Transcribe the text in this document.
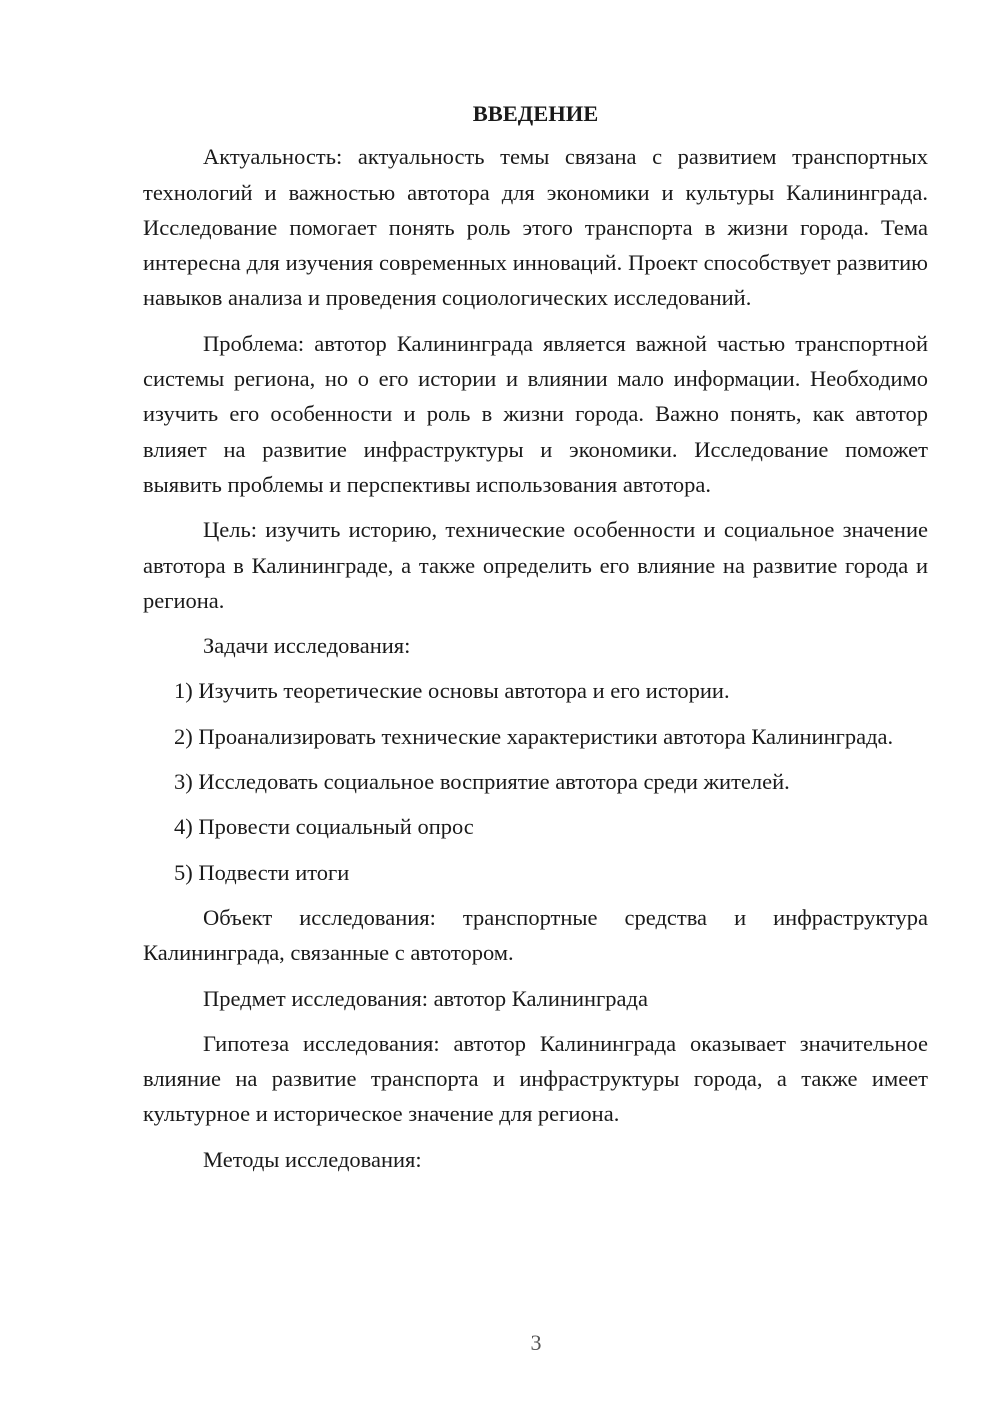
ВВЕДЕНИЕ

Актуальность: актуальность темы связана с развитием транспортных технологий и важностью автотора для экономики и культуры Калининграда. Исследование помогает понять роль этого транспорта в жизни города. Тема интересна для изучения современных инноваций. Проект способствует развитию навыков анализа и проведения социологических исследований.

Проблема: автотор Калининграда является важной частью транспортной системы региона, но о его истории и влиянии мало информации. Необходимо изучить его особенности и роль в жизни города. Важно понять, как автотор влияет на развитие инфраструктуры и экономики. Исследование поможет выявить проблемы и перспективы использования автотора.

Цель: изучить историю, технические особенности и социальное значение автотора в Калининграде, а также определить его влияние на развитие города и региона.

Задачи исследования:

1) Изучить теоретические основы автотора и его истории.

2) Проанализировать технические характеристики автотора Калининграда.

3) Исследовать социальное восприятие автотора среди жителей.

4) Провести социальный опрос

5) Подвести итоги

Объект исследования: транспортные средства и инфраструктура Калининграда, связанные с автотором.

Предмет исследования: автотор Калининграда

Гипотеза исследования: автотор Калининграда оказывает значительное влияние на развитие транспорта и инфраструктуры города, а также имеет культурное и историческое значение для региона.

Методы исследования:

3
